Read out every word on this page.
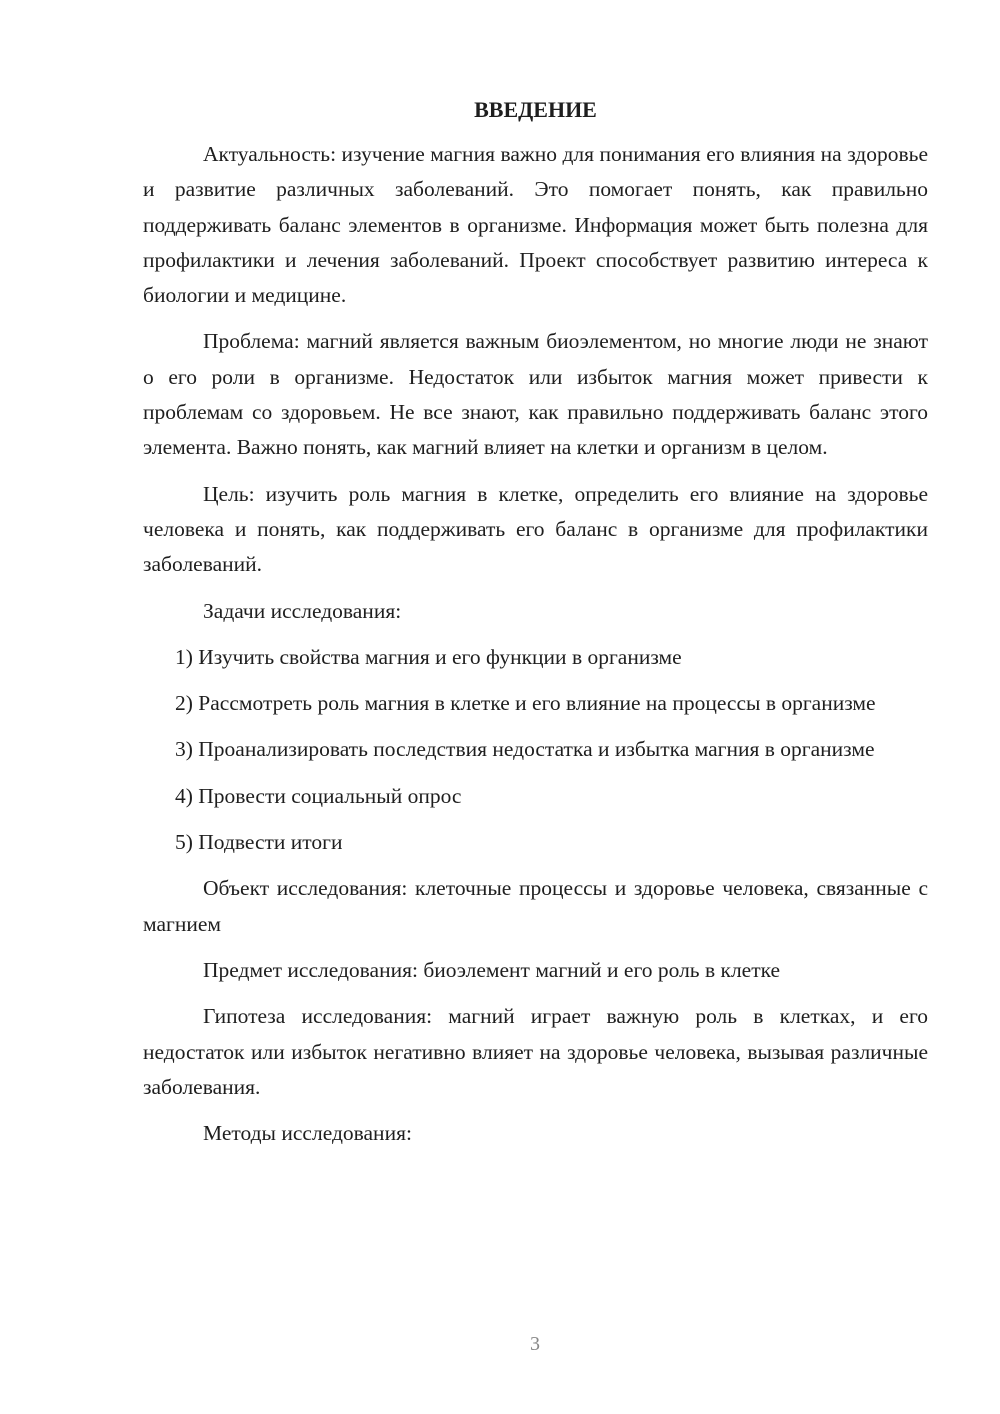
ВВЕДЕНИЕ

Актуальность: изучение магния важно для понимания его влияния на здоровье и развитие различных заболеваний. Это помогает понять, как правильно поддерживать баланс элементов в организме. Информация может быть полезна для профилактики и лечения заболеваний. Проект способствует развитию интереса к биологии и медицине.

Проблема: магний является важным биоэлементом, но многие люди не знают о его роли в организме. Недостаток или избыток магния может привести к проблемам со здоровьем. Не все знают, как правильно поддерживать баланс этого элемента. Важно понять, как магний влияет на клетки и организм в целом.

Цель: изучить роль магния в клетке, определить его влияние на здоровье человека и понять, как поддерживать его баланс в организме для профилактики заболеваний.

Задачи исследования:

1) Изучить свойства магния и его функции в организме

2) Рассмотреть роль магния в клетке и его влияние на процессы в организме

3) Проанализировать последствия недостатка и избытка магния в организме

4) Провести социальный опрос

5) Подвести итоги

Объект исследования: клеточные процессы и здоровье человека, связанные с магнием

Предмет исследования: биоэлемент магний и его роль в клетке

Гипотеза исследования: магний играет важную роль в клетках, и его недостаток или избыток негативно влияет на здоровье человека, вызывая различные заболевания.

Методы исследования:

3
